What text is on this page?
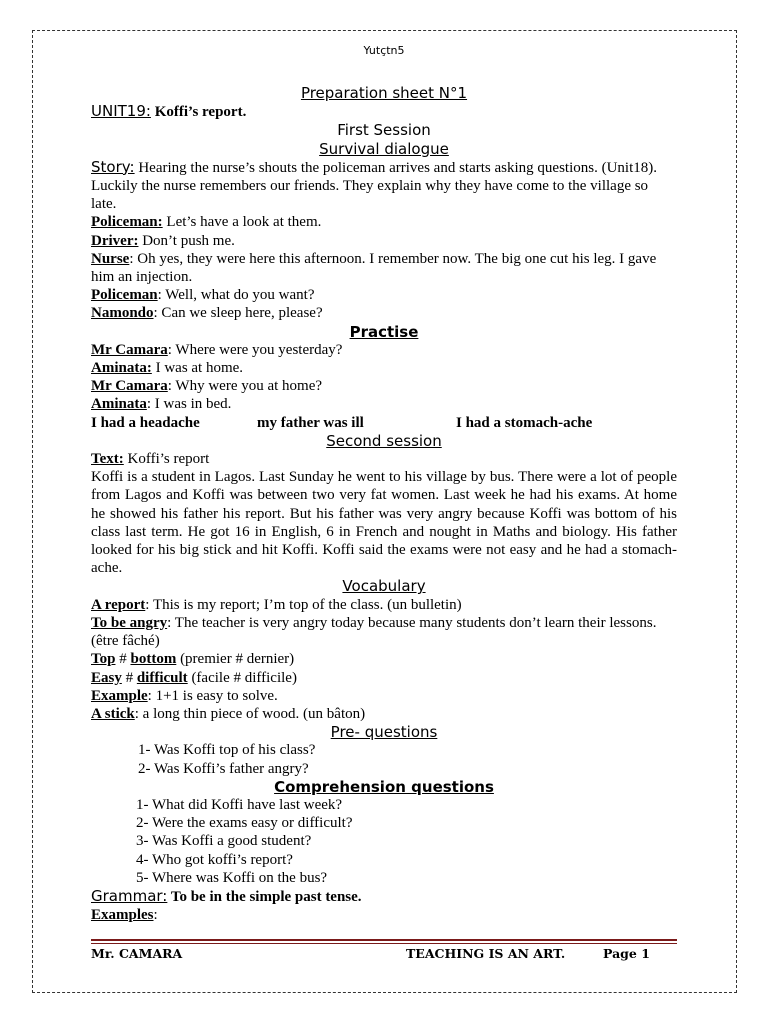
Yutçtn5
Preparation sheet N°1
UNIT19: Koffi’s report.
First Session
Survival dialogue
Story: Hearing the nurse’s shouts the policeman arrives and starts asking questions. (Unit18). Luckily the nurse remembers our friends. They explain why they have come to the village so late.
Policeman: Let’s have a look at them.
Driver: Don’t push me.
Nurse: Oh yes, they were here this afternoon. I remember now. The big one cut his leg. I gave him an injection.
Policeman: Well, what do you want?
Namondo: Can we sleep here, please?
Practise
Mr Camara: Where were you yesterday?
Aminata: I was at home.
Mr Camara: Why were you at home?
Aminata: I was in bed.
I had a headache	my father was ill	I had a stomach-ache
Second session
Text: Koffi’s report
Koffi is a student in Lagos. Last Sunday he went to his village by bus. There were a lot of people from Lagos and Koffi was between two very fat women. Last week he had his exams. At home he showed his father his report. But his father was very angry because Koffi was bottom of his class last term. He got 16 in English, 6 in French and nought in Maths and biology. His father looked for his big stick and hit Koffi. Koffi said the exams were not easy and he had a stomach-ache.
Vocabulary
A report: This is my report; I’m top of the class. (un bulletin)
To be angry: The teacher is very angry today because many students don’t learn their lessons. (être fâché)
Top # bottom (premier # dernier)
Easy # difficult (facile # difficile)
Example: 1+1 is easy to solve.
A stick: a long thin piece of wood. (un bâton)
Pre- questions
1- Was Koffi top of his class?
2- Was Koffi’s father angry?
Comprehension questions
1- What did Koffi have last week?
2- Were the exams easy or difficult?
3- Was Koffi a good student?
4- Who got koffi’s report?
5- Where was Koffi on the bus?
Grammar: To be in the simple past tense.
Examples:
Mr. CAMARA	TEACHING IS AN ART.	Page 1
